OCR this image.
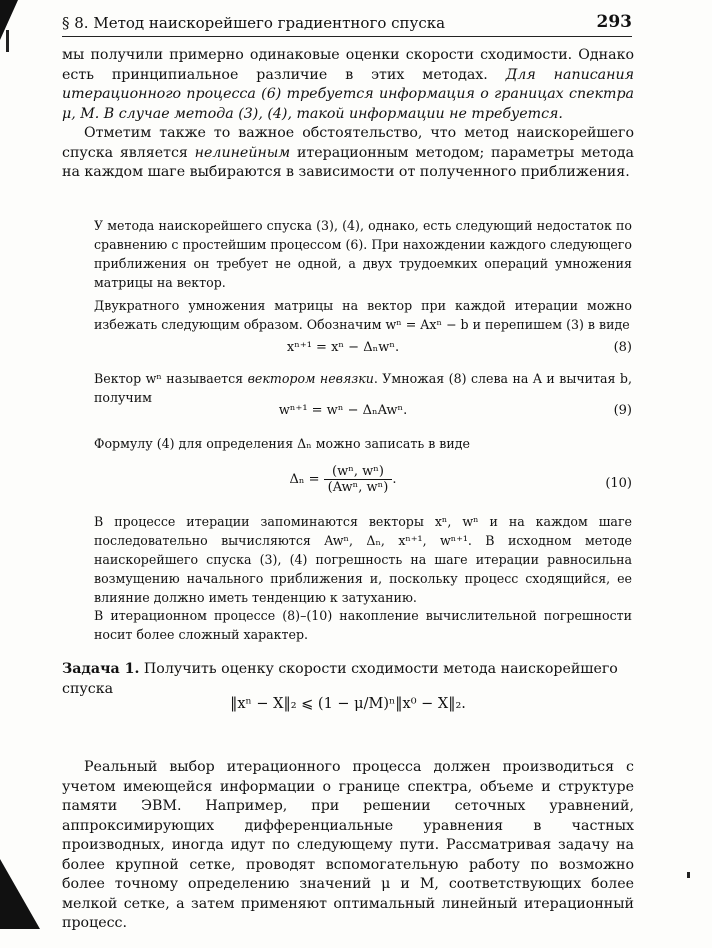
§ 8. Метод наискорейшего градиентного спуска	293

мы получили примерно одинаковые оценки скорости сходимости. Однако есть принципиальное различие в этих методах. Для написания итерационного процесса (6) требуется информация о границах спектра μ, M. В случае метода (3), (4), такой информации не требуется.

Отметим также то важное обстоятельство, что метод наискорейшего спуска является нелинейным итерационным методом; параметры метода на каждом шаге выбираются в зависимости от полученного приближения.

У метода наискорейшего спуска (3), (4), однако, есть следующий недостаток по сравнению с простейшим процессом (6). При нахождении каждого следующего приближения он требует не одной, а двух трудоемких операций умножения матрицы на вектор.

Двукратного умножения матрицы на вектор при каждой итерации можно избежать следующим образом. Обозначим wⁿ = Axⁿ − b и перепишем (3) в виде

xⁿ⁺¹ = xⁿ − Δₙwⁿ.	(8)

Вектор wⁿ называется вектором невязки. Умножая (8) слева на A и вычитая b, получим

wⁿ⁺¹ = wⁿ − ΔₙAwⁿ.	(9)

Формулу (4) для определения Δₙ можно записать в виде

$\Delta_n = \frac{\text{(wⁿ, wⁿ)}}{\text{(Awⁿ, wⁿ)}}$ .	(10)

В процессе итерации запоминаются векторы xⁿ, wⁿ и на каждом шаге последовательно вычисляются Awⁿ, Δₙ, xⁿ⁺¹, wⁿ⁺¹. В исходном методе наискорейшего спуска (3), (4) погрешность на шаге итерации равносильна возмущению начального приближения и, поскольку процесс сходящийся, ее влияние должно иметь тенденцию к затуханию.

В итерационном процессе (8)–(10) накопление вычислительной погрешности носит более сложный характер.

Задача 1. Получить оценку скорости сходимости метода наискорейшего спуска
‖xⁿ − X‖₂ ⩽ (1 − μ/M)ⁿ‖x⁰ − X‖₂.

Реальный выбор итерационного процесса должен производиться с учетом имеющейся информации о границе спектра, объеме и структуре памяти ЭВМ. Например, при решении сеточных уравнений, аппроксимирующих дифференциальные уравнения в частных производных, иногда идут по следующему пути. Рассматривая задачу на более крупной сетке, проводят вспомогательную работу по возможно более точному определению значений μ и M, соответствующих более мелкой сетке, а затем применяют оптимальный линейный итерационный процесс.
